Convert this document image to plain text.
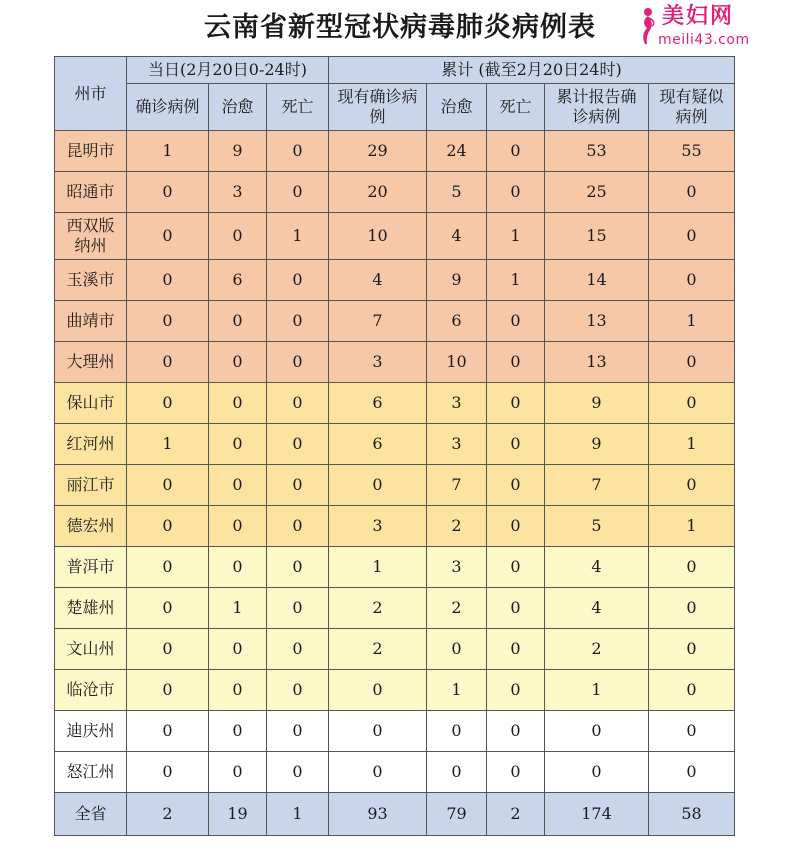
云南省新型冠状病毒肺炎病例表	美妇网
meili43.com
州市	当日(2月20日0-24时)			累计 (截至2月20日24时)				
	确诊病例	治愈	死亡	现有确诊病例	治愈	死亡	累计报告确诊病例	现有疑似病例
昆明市	1	9	0	29	24	0	53	55
昭通市	0	3	0	20	5	0	25	0
西双版纳州	0	0	1	10	4	1	15	0
玉溪市	0	6	0	4	9	1	14	0
曲靖市	0	0	0	7	6	0	13	1
大理州	0	0	0	3	10	0	13	0
保山市	0	0	0	6	3	0	9	0
红河州	1	0	0	6	3	0	9	1
丽江市	0	0	0	0	7	0	7	0
德宏州	0	0	0	3	2	0	5	1
普洱市	0	0	0	1	3	0	4	0
楚雄州	0	1	0	2	2	0	4	0
文山州	0	0	0	2	0	0	2	0
临沧市	0	0	0	0	1	0	1	0
迪庆州	0	0	0	0	0	0	0	0
怒江州	0	0	0	0	0	0	0	0
全省	2	19	1	93	79	2	174	58
